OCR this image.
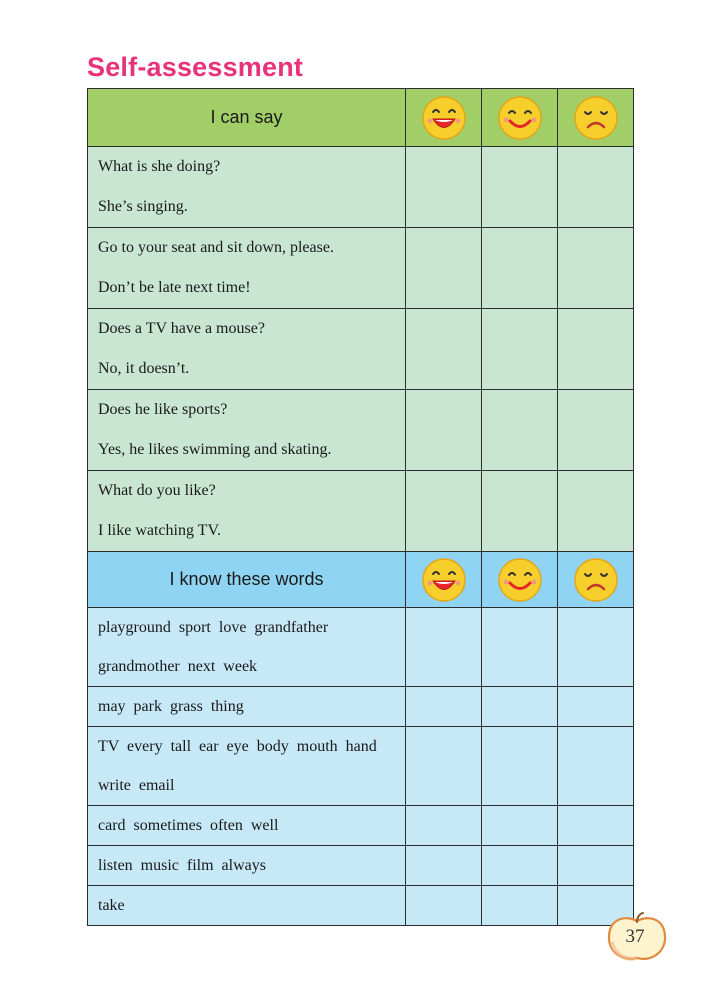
Self-assessment
I can say	

What is she doing?
She’s singing.			

Go to your seat and sit down, please.
Don’t be late next time!			

Does a TV have a mouse?
No, it doesn’t.			

Does he like sports?
Yes, he likes swimming and skating.			

What do you like?
I like watching TV.			

I know these words	

playground sport love grandfather
grandmother next week			

may park grass thing			

TV every tall ear eye body mouth hand
write email			

card sometimes often well			

listen music film always			

take			

37
